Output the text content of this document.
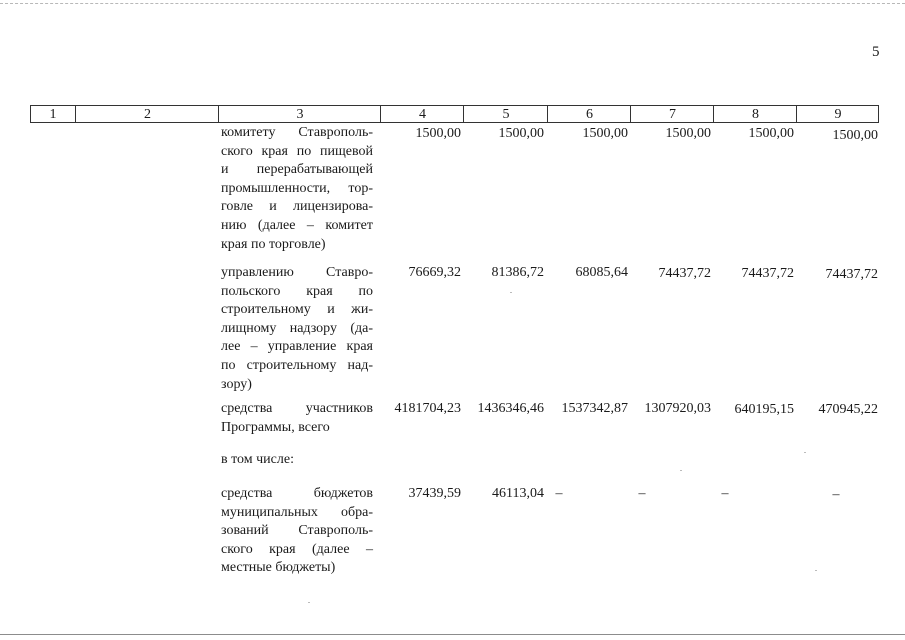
5
1	2	3	4	5	6	7	8	9
комитету Ставрополь-
ского края по пищевой
и перерабатывающей
промышленности, тор-
говле и лицензирова-
нию (далее – комитет
края по торговле)
1500,00	1500,00	1500,00	1500,00	1500,00	1500,00
управлению Ставро-
польского края по
строительному и жи-
лищному надзору (да-
лее – управление края
по строительному над-
зору)
76669,32 81386,72 68085,64 74437,72 74437,72 74437,72
средства участников
Программы, всего
4181704,23 1436346,46 1537342,87 1307920,03 640195,15 470945,22
в том числе:
средства бюджетов
муниципальных обра-
зований Ставрополь-
ского края (далее –
местные бюджеты)
37439,59 46113,04 –	–	–	–
